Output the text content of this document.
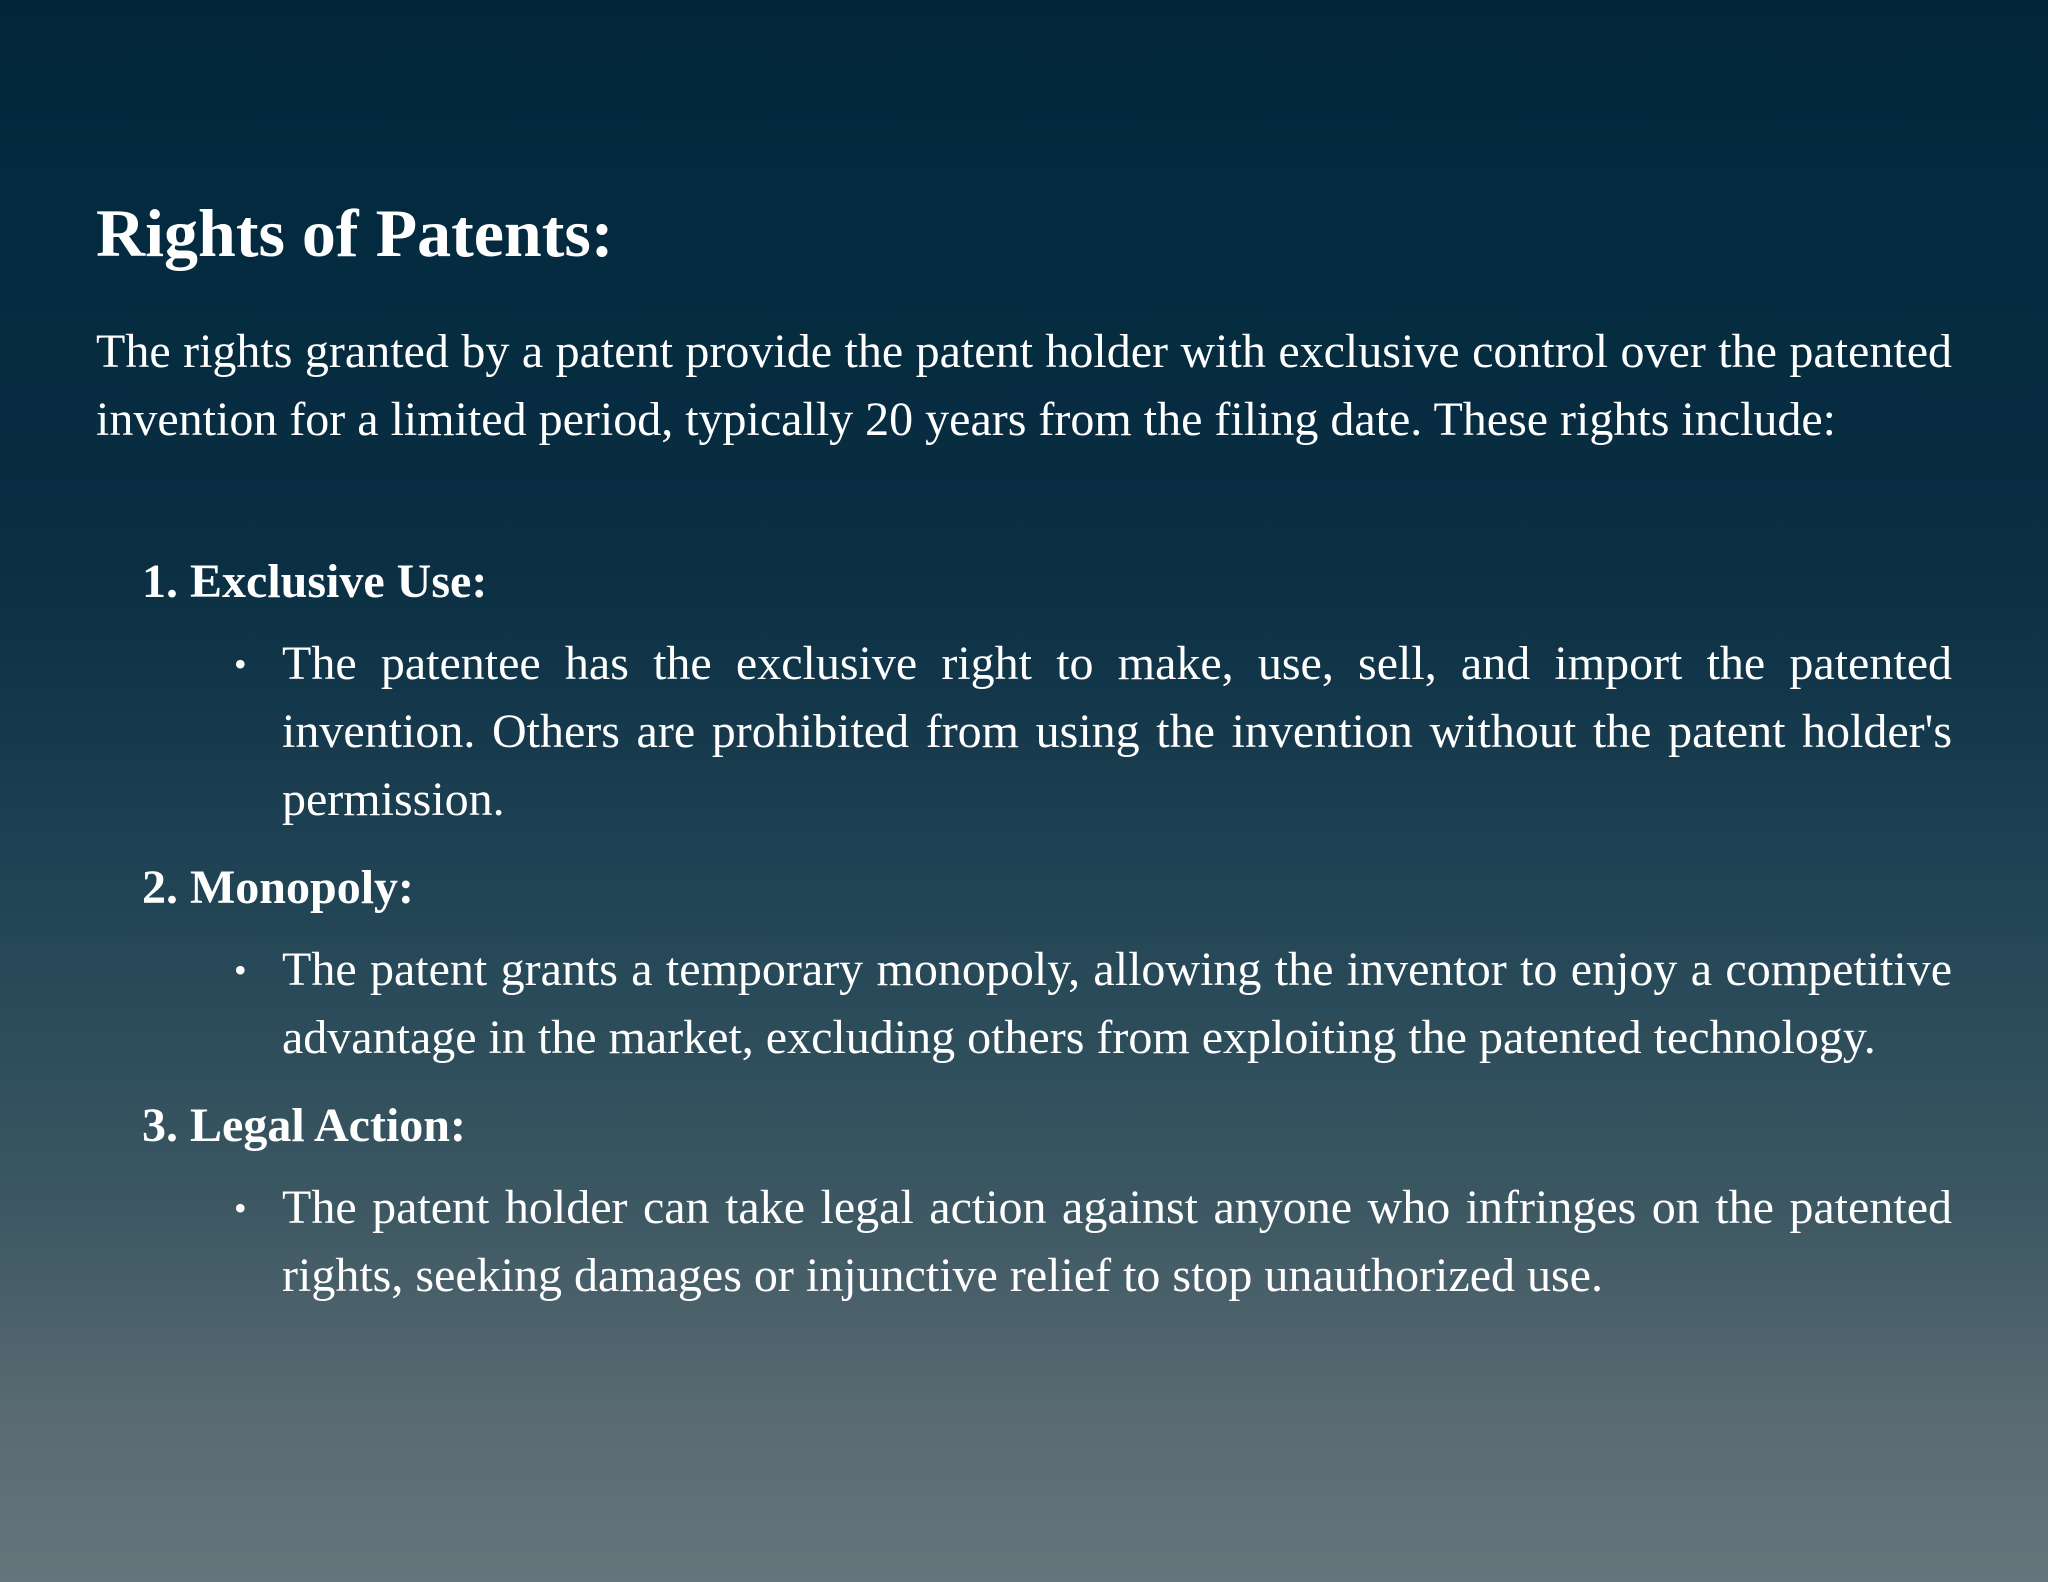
Rights of Patents:

The rights granted by a patent provide the patent holder with exclusive control over the patented invention for a limited period, typically 20 years from the filing date. These rights include:

1. Exclusive Use:
• The patentee has the exclusive right to make, use, sell, and import the patented invention. Others are prohibited from using the invention without the patent holder's permission.
2. Monopoly:
• The patent grants a temporary monopoly, allowing the inventor to enjoy a competitive advantage in the market, excluding others from exploiting the patented technology.
3. Legal Action:
• The patent holder can take legal action against anyone who infringes on the patented rights, seeking damages or injunctive relief to stop unauthorized use.
